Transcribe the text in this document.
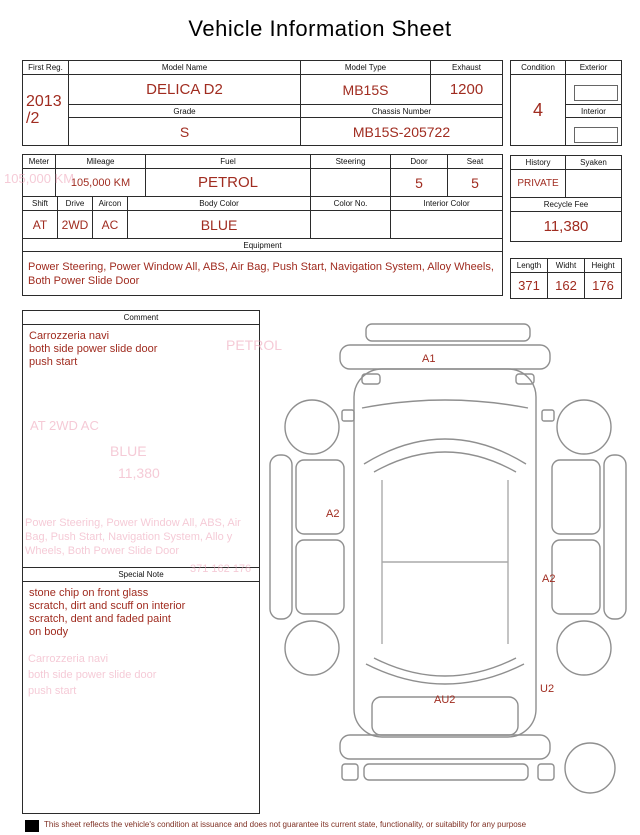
Vehicle Information Sheet
First Reg.	Model Name	Model Type	Exhaust

2013
/2	DELICA D2	MB15S	1200
	Grade	Chassis Number	
	S	MB15S-205722	
Condition	Exterior
4	

	Interior

Meter	Mileage	Fuel	Steering	Door	Seat
	105,000 KM	PETROL		5	5
Shift	Drive	Aircon	Body Color	Color No.	Interior Color
AT	2WD	AC	BLUE		
Equipment
Power Steering, Power Window All, ABS, Air Bag, Push Start, Navigation System, Alloy Wheels, Both Power Slide Door
History	Syaken
PRIVATE	
Recycle Fee	
11,380	
Length	Widht	Height
371	162	176
Comment
Carrozzeria navi
both side power slide door
push start
Special Note
stone chip on front glass
scratch, dirt and scuff on interior
scratch, dent and faded paint
on body
A1
A2
A2
AU2
U2
105,000 KM
PETROL
AT 2WD AC
BLUE
11,380
Power Steering, Power Window All, ABS, Air Bag, Push Start, Navigation System, Allo y Wheels, Both Power Slide Door
371 162 176
Carrozzeria navi
both side power slide door
push start
This sheet reflects the vehicle's condition at issuance and does not guarantee its current state, functionality, or suitability for any purpose
